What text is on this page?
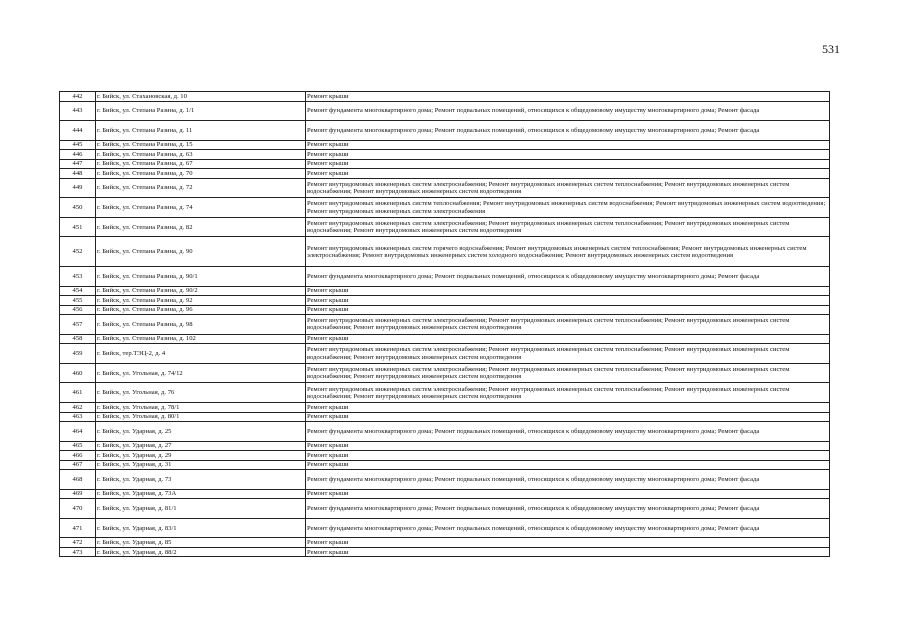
531
442	г. Бийск, ул. Стахановская, д. 10	Ремонт крыши
443	г. Бийск, ул. Степана Разина, д. 1/1	Ремонт фундамента многоквартирного дома; Ремонт подвальных помещений, относящихся к общедомовому имуществу многоквартирного дома; Ремонт фасада
444	г. Бийск, ул. Степана Разина, д. 11	Ремонт фундамента многоквартирного дома; Ремонт подвальных помещений, относящихся к общедомовому имуществу многоквартирного дома; Ремонт фасада
445	г. Бийск, ул. Степана Разина, д. 15	Ремонт крыши
446	г. Бийск, ул. Степана Разина, д. 63	Ремонт крыши
447	г. Бийск, ул. Степана Разина, д. 67	Ремонт крыши
448	г. Бийск, ул. Степана Разина, д. 70	Ремонт крыши
449	г. Бийск, ул. Степана Разина, д. 72	Ремонт внутридомовых инженерных систем электроснабжения; Ремонт внутридомовых инженерных систем теплоснабжения; Ремонт внутридомовых инженерных систем водоснабжения; Ремонт внутридомовых инженерных систем водоотведения
450	г. Бийск, ул. Степана Разина, д. 74	Ремонт внутридомовых инженерных систем теплоснабжения; Ремонт внутридомовых инженерных систем водоснабжения; Ремонт внутридомовых инженерных систем водоотведения; Ремонт внутридомовых инженерных систем электроснабжения
451	г. Бийск, ул. Степана Разина, д. 82	Ремонт внутридомовых инженерных систем электроснабжения; Ремонт внутридомовых инженерных систем теплоснабжения; Ремонт внутридомовых инженерных систем водоснабжения; Ремонт внутридомовых инженерных систем водоотведения
452	г. Бийск, ул. Степана Разина, д. 90	Ремонт внутридомовых инженерных систем горячего водоснабжения; Ремонт внутридомовых инженерных систем теплоснабжения; Ремонт внутридомовых инженерных систем электроснабжения; Ремонт внутридомовых инженерных систем холодного водоснабжения; Ремонт внутридомовых инженерных систем водоотведения
453	г. Бийск, ул. Степана Разина, д. 90/1	Ремонт фундамента многоквартирного дома; Ремонт подвальных помещений, относящихся к общедомовому имуществу многоквартирного дома; Ремонт фасада
454	г. Бийск, ул. Степана Разина, д. 90/2	Ремонт крыши
455	г. Бийск, ул. Степана Разина, д. 92	Ремонт крыши
456	г. Бийск, ул. Степана Разина, д. 96	Ремонт крыши
457	г. Бийск, ул. Степана Разина, д. 98	Ремонт внутридомовых инженерных систем электроснабжения; Ремонт внутридомовых инженерных систем теплоснабжения; Ремонт внутридомовых инженерных систем водоснабжения; Ремонт внутридомовых инженерных систем водоотведения
458	г. Бийск, ул. Степана Разина, д. 102	Ремонт крыши
459	г. Бийск, тер.ТЭЦ-2, д. 4	Ремонт внутридомовых инженерных систем электроснабжения; Ремонт внутридомовых инженерных систем теплоснабжения; Ремонт внутридомовых инженерных систем водоснабжения; Ремонт внутридомовых инженерных систем водоотведения
460	г. Бийск, ул. Угольная, д. 74/12	Ремонт внутридомовых инженерных систем электроснабжения; Ремонт внутридомовых инженерных систем теплоснабжения; Ремонт внутридомовых инженерных систем водоснабжения; Ремонт внутридомовых инженерных систем водоотведения
461	г. Бийск, ул. Угольная, д. 76	Ремонт внутридомовых инженерных систем электроснабжения; Ремонт внутридомовых инженерных систем теплоснабжения; Ремонт внутридомовых инженерных систем водоснабжения; Ремонт внутридомовых инженерных систем водоотведения
462	г. Бийск, ул. Угольная, д. 78/1	Ремонт крыши
463	г. Бийск, ул. Угольная, д. 80/1	Ремонт крыши
464	г. Бийск, ул. Ударная, д. 25	Ремонт фундамента многоквартирного дома; Ремонт подвальных помещений, относящихся к общедомовому имуществу многоквартирного дома; Ремонт фасада
465	г. Бийск, ул. Ударная, д. 27	Ремонт крыши
466	г. Бийск, ул. Ударная, д. 29	Ремонт крыши
467	г. Бийск, ул. Ударная, д. 31	Ремонт крыши
468	г. Бийск, ул. Ударная, д. 73	Ремонт фундамента многоквартирного дома; Ремонт подвальных помещений, относящихся к общедомовому имуществу многоквартирного дома; Ремонт фасада
469	г. Бийск, ул. Ударная, д. 73А	Ремонт крыши
470	г. Бийск, ул. Ударная, д. 81/1	Ремонт фундамента многоквартирного дома; Ремонт подвальных помещений, относящихся к общедомовому имуществу многоквартирного дома; Ремонт фасада
471	г. Бийск, ул. Ударная, д. 83/1	Ремонт фундамента многоквартирного дома; Ремонт подвальных помещений, относящихся к общедомовому имуществу многоквартирного дома; Ремонт фасада
472	г. Бийск, ул. Ударная, д. 85	Ремонт крыши
473	г. Бийск, ул. Ударная, д. 88/2	Ремонт крыши
